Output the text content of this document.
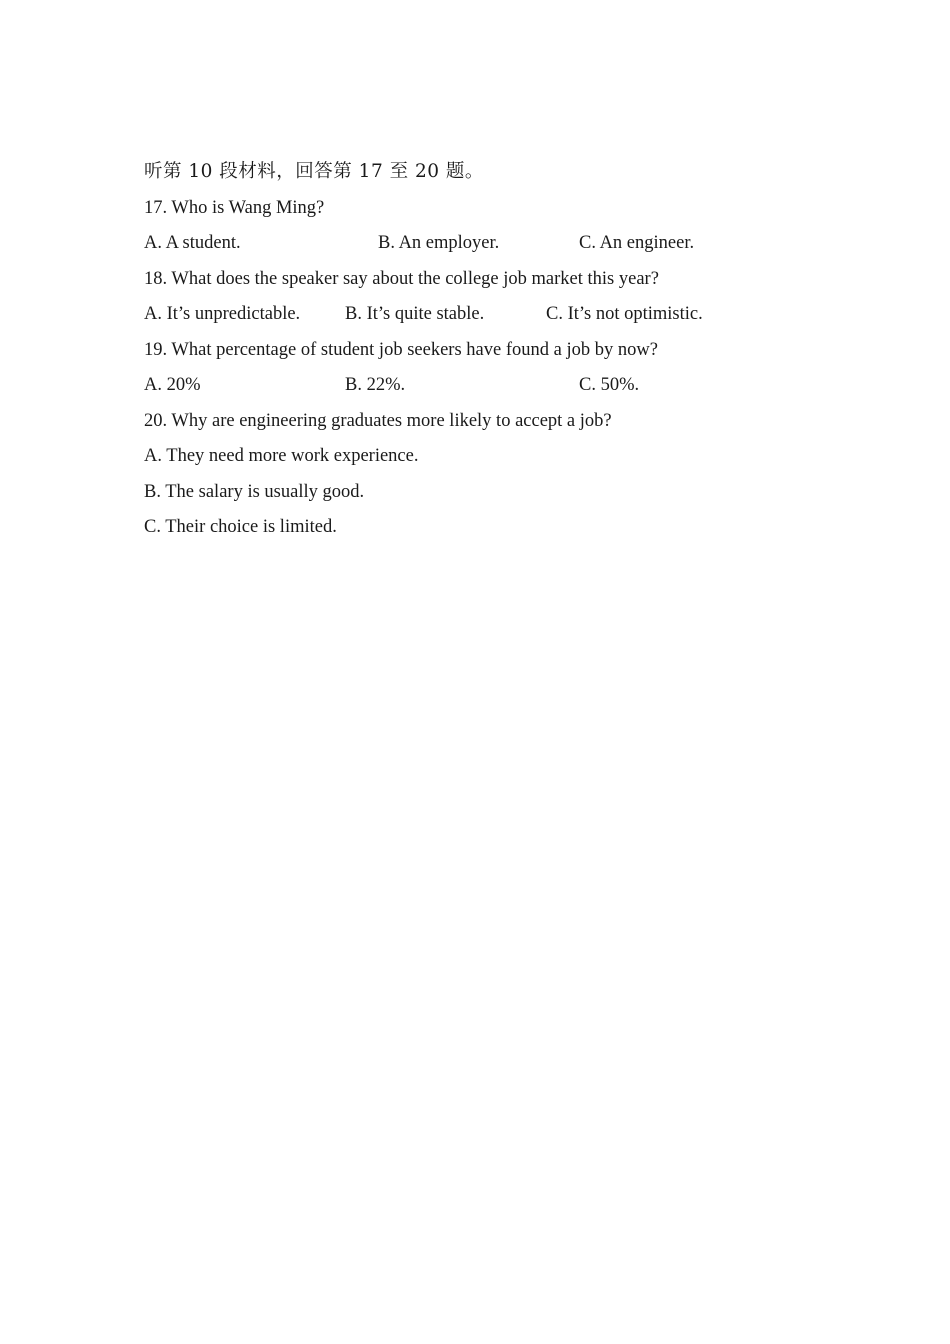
听第 10 段材料，回答第 17 至 20 题。
17. Who is Wang Ming?
A. A student.	B. An employer.	C. An engineer.
18. What does the speaker say about the college job market this year?
A. It’s unpredictable. B. It’s quite stable.	C. It’s not optimistic.
19. What percentage of student job seekers have found a job by now?
A. 20%	B. 22%.	C. 50%.
20. Why are engineering graduates more likely to accept a job?
A. They need more work experience.
B. The salary is usually good.
C. Their choice is limited.
